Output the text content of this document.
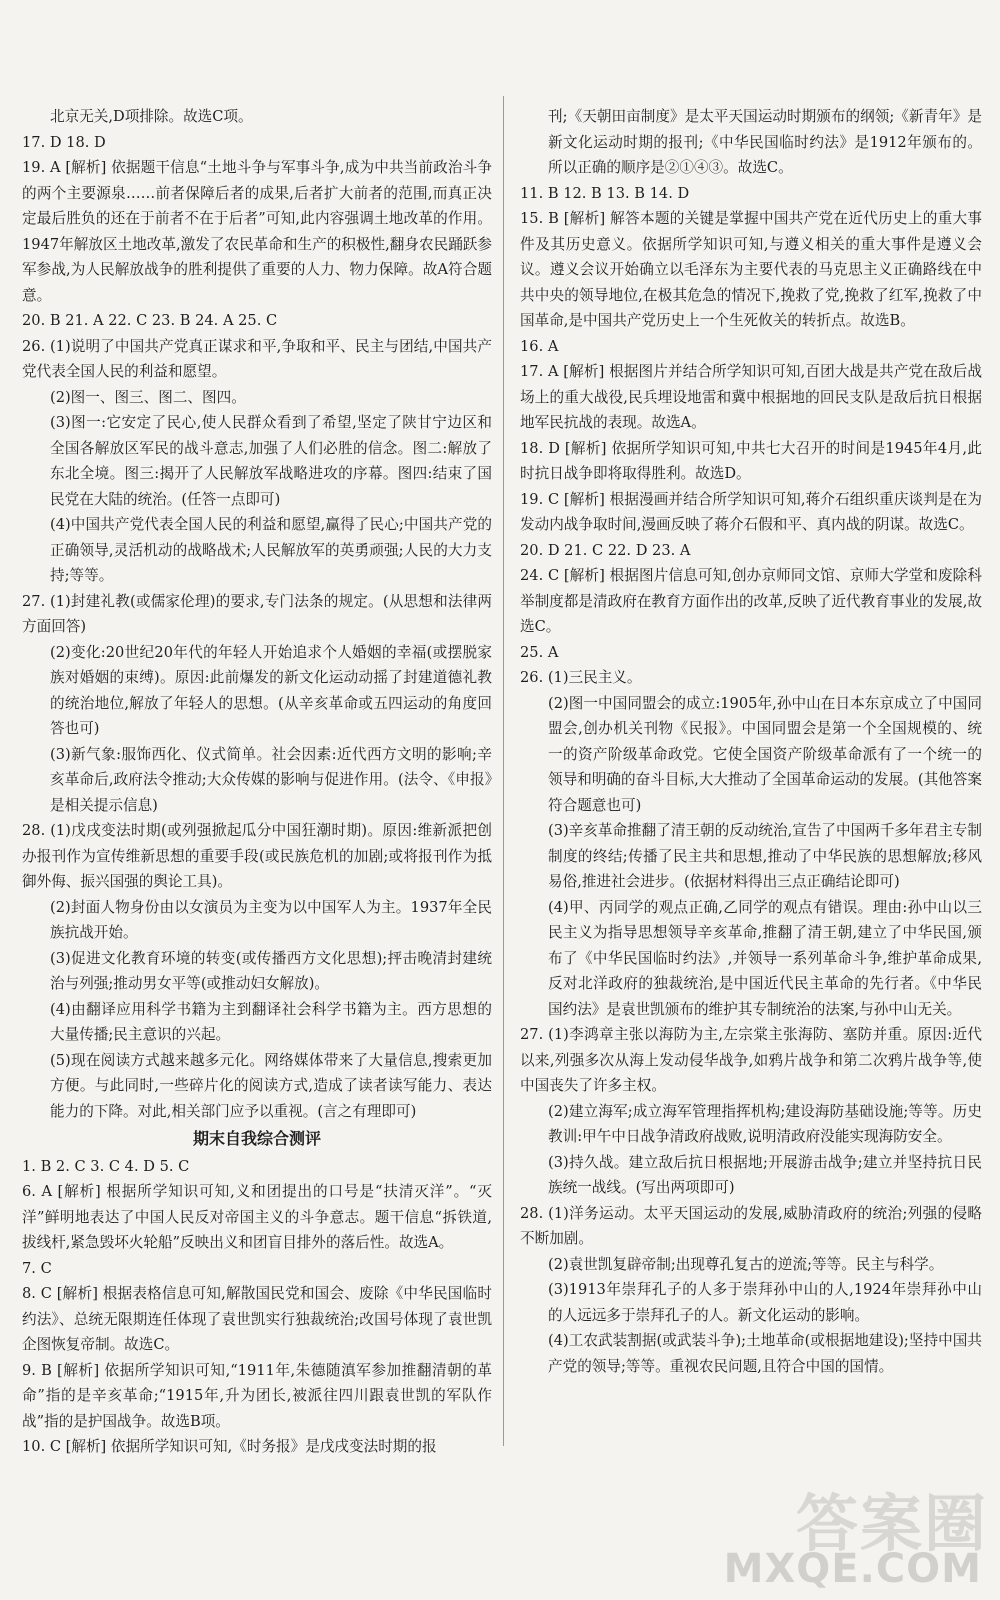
北京无关,D项排除。故选C项。

17. D 18. D

19. A [解析] 依据题干信息“土地斗争与军事斗争,成为中共当前政治斗争的两个主要源泉……前者保障后者的成果,后者扩大前者的范围,而真正决定最后胜负的还在于前者不在于后者”可知,此内容强调土地改革的作用。1947年解放区土地改革,激发了农民革命和生产的积极性,翻身农民踊跃参军参战,为人民解放战争的胜利提供了重要的人力、物力保障。故A符合题意。

20. B 21. A 22. C 23. B 24. A 25. C

26. (1)说明了中国共产党真正谋求和平,争取和平、民主与团结,中国共产党代表全国人民的利益和愿望。

(2)图一、图三、图二、图四。

(3)图一:它安定了民心,使人民群众看到了希望,坚定了陕甘宁边区和全国各解放区军民的战斗意志,加强了人们必胜的信念。图二:解放了东北全境。图三:揭开了人民解放军战略进攻的序幕。图四:结束了国民党在大陆的统治。(任答一点即可)

(4)中国共产党代表全国人民的利益和愿望,赢得了民心;中国共产党的正确领导,灵活机动的战略战术;人民解放军的英勇顽强;人民的大力支持;等等。

27. (1)封建礼教(或儒家伦理)的要求,专门法条的规定。(从思想和法律两方面回答)

(2)变化:20世纪20年代的年轻人开始追求个人婚姻的幸福(或摆脱家族对婚姻的束缚)。原因:此前爆发的新文化运动动摇了封建道德礼教的统治地位,解放了年轻人的思想。(从辛亥革命或五四运动的角度回答也可)

(3)新气象:服饰西化、仪式简单。社会因素:近代西方文明的影响;辛亥革命后,政府法令推动;大众传媒的影响与促进作用。(法令、《申报》是相关提示信息)

28. (1)戊戌变法时期(或列强掀起瓜分中国狂潮时期)。原因:维新派把创办报刊作为宣传维新思想的重要手段(或民族危机的加剧;或将报刊作为抵御外侮、振兴国强的舆论工具)。

(2)封面人物身份由以女演员为主变为以中国军人为主。1937年全民族抗战开始。

(3)促进文化教育环境的转变(或传播西方文化思想);抨击晚清封建统治与列强;推动男女平等(或推动妇女解放)。

(4)由翻译应用科学书籍为主到翻译社会科学书籍为主。西方思想的大量传播;民主意识的兴起。

(5)现在阅读方式越来越多元化。网络媒体带来了大量信息,搜索更加方便。与此同时,一些碎片化的阅读方式,造成了读者读写能力、表达能力的下降。对此,相关部门应予以重视。(言之有理即可)

期末自我综合测评

1. B 2. C 3. C 4. D 5. C

6. A [解析] 根据所学知识可知,义和团提出的口号是“扶清灭洋”。“灭洋”鲜明地表达了中国人民反对帝国主义的斗争意志。题干信息“拆铁道,拔线杆,紧急毁坏火轮船”反映出义和团盲目排外的落后性。故选A。

7. C

8. C [解析] 根据表格信息可知,解散国民党和国会、废除《中华民国临时约法》、总统无限期连任体现了袁世凯实行独裁统治;改国号体现了袁世凯企图恢复帝制。故选C。

9. B [解析] 依据所学知识可知,“1911年,朱德随滇军参加推翻清朝的革命”指的是辛亥革命;“1915年,升为团长,被派往四川跟袁世凯的军队作战”指的是护国战争。故选B项。

10. C [解析] 依据所学知识可知,《时务报》是戊戌变法时期的报

刊;《天朝田亩制度》是太平天国运动时期颁布的纲领;《新青年》是新文化运动时期的报刊;《中华民国临时约法》是1912年颁布的。所以正确的顺序是②①④③。故选C。

11. B 12. B 13. B 14. D

15. B [解析] 解答本题的关键是掌握中国共产党在近代历史上的重大事件及其历史意义。依据所学知识可知,与遵义相关的重大事件是遵义会议。遵义会议开始确立以毛泽东为主要代表的马克思主义正确路线在中共中央的领导地位,在极其危急的情况下,挽救了党,挽救了红军,挽救了中国革命,是中国共产党历史上一个生死攸关的转折点。故选B。

16. A

17. A [解析] 根据图片并结合所学知识可知,百团大战是共产党在敌后战场上的重大战役,民兵埋设地雷和冀中根据地的回民支队是敌后抗日根据地军民抗战的表现。故选A。

18. D [解析] 依据所学知识可知,中共七大召开的时间是1945年4月,此时抗日战争即将取得胜利。故选D。

19. C [解析] 根据漫画并结合所学知识可知,蒋介石组织重庆谈判是在为发动内战争取时间,漫画反映了蒋介石假和平、真内战的阴谋。故选C。

20. D 21. C 22. D 23. A

24. C [解析] 根据图片信息可知,创办京师同文馆、京师大学堂和废除科举制度都是清政府在教育方面作出的改革,反映了近代教育事业的发展,故选C。

25. A

26. (1)三民主义。

(2)图一中国同盟会的成立:1905年,孙中山在日本东京成立了中国同盟会,创办机关刊物《民报》。中国同盟会是第一个全国规模的、统一的资产阶级革命政党。它使全国资产阶级革命派有了一个统一的领导和明确的奋斗目标,大大推动了全国革命运动的发展。(其他答案符合题意也可)

(3)辛亥革命推翻了清王朝的反动统治,宣告了中国两千多年君主专制制度的终结;传播了民主共和思想,推动了中华民族的思想解放;移风易俗,推进社会进步。(依据材料得出三点正确结论即可)

(4)甲、丙同学的观点正确,乙同学的观点有错误。理由:孙中山以三民主义为指导思想领导辛亥革命,推翻了清王朝,建立了中华民国,颁布了《中华民国临时约法》,并领导一系列革命斗争,维护革命成果,反对北洋政府的独裁统治,是中国近代民主革命的先行者。《中华民国约法》是袁世凯颁布的维护其专制统治的法案,与孙中山无关。

27. (1)李鸿章主张以海防为主,左宗棠主张海防、塞防并重。原因:近代以来,列强多次从海上发动侵华战争,如鸦片战争和第二次鸦片战争等,使中国丧失了许多主权。

(2)建立海军;成立海军管理指挥机构;建设海防基础设施;等等。历史教训:甲午中日战争清政府战败,说明清政府没能实现海防安全。

(3)持久战。建立敌后抗日根据地;开展游击战争;建立并坚持抗日民族统一战线。(写出两项即可)

28. (1)洋务运动。太平天国运动的发展,威胁清政府的统治;列强的侵略不断加剧。

(2)袁世凯复辟帝制;出现尊孔复古的逆流;等等。民主与科学。

(3)1913年崇拜孔子的人多于崇拜孙中山的人,1924年崇拜孙中山的人远远多于崇拜孔子的人。新文化运动的影响。

(4)工农武装割据(或武装斗争);土地革命(或根据地建设);坚持中国共产党的领导;等等。重视农民问题,且符合中国的国情。

答案圈
MXQE.COM
